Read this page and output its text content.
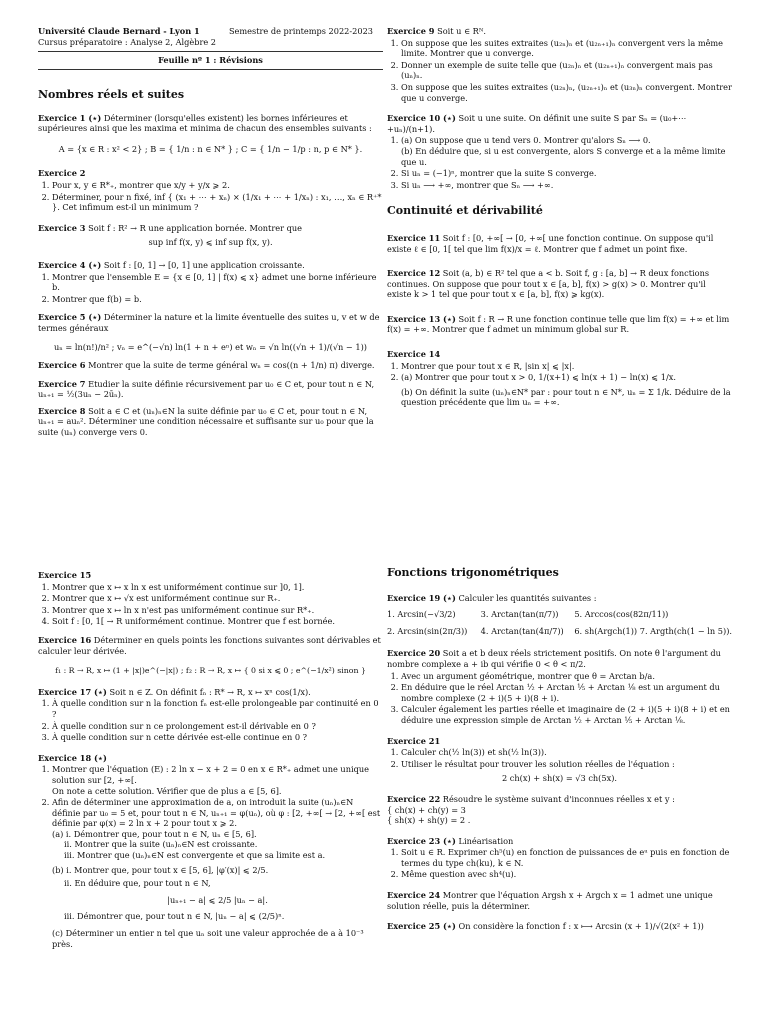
Université Claude Bernard - Lyon 1	Semestre de printemps 2022-2023
Cursus préparatoire : Analyse 2, Algèbre 2
Feuille nº 1 : Révisions
Nombres réels et suites
Exercice 1 (⋆) Déterminer (lorsqu'elles existent) les bornes inférieures et supérieures ainsi que les maxima et minima de chacun des ensembles suivants :
A = {x ∈ R : x² < 2} ; B = { 1/n : n ∈ N* } ; C = { 1/n − 1/p : n, p ∈ N* }.
Exercice 2
1. Pour x, y ∈ R*₊, montrer que x/y + y/x ⩾ 2.
2. Déterminer, pour n fixé, inf { (x₁ + ⋯ + xₙ) × (1/x₁ + ⋯ + 1/xₙ) : x₁, …, xₙ ∈ R⁺* }. Cet infimum est-il un minimum ?
Exercice 3 Soit f : R² → R une application bornée. Montrer que
sup inf f(x, y) ⩽ inf sup f(x, y).
Exercice 4 (⋆) Soit f : [0, 1] → [0, 1] une application croissante.
1. Montrer que l'ensemble E = {x ∈ [0, 1] | f(x) ⩽ x} admet une borne inférieure b.
2. Montrer que f(b) = b.
Exercice 5 (⋆) Déterminer la nature et la limite éventuelle des suites u, v et w de termes généraux
uₙ = ln(n!)/n² ; vₙ = e^(−√n) ln(1 + n + eⁿ) et wₙ = √n ln((√n + 1)/(√n − 1))
Exercice 6 Montrer que la suite de terme général wₙ = cos((n + 1/n) π) diverge.
Exercice 7 Etudier la suite définie récursivement par u₀ ∈ C et, pour tout n ∈ N, uₙ₊₁ = ½(3uₙ − 2ūₙ).
Exercice 8 Soit a ∈ C et (uₙ)ₙ∈N la suite définie par u₀ ∈ C et, pour tout n ∈ N, uₙ₊₁ = auₙ². Déterminer une condition nécessaire et suffisante sur u₀ pour que la suite (uₙ) converge vers 0.
Exercice 9 Soit u ∈ Rᴺ.
1. On suppose que les suites extraites (u₂ₙ)ₙ et (u₂ₙ₊₁)ₙ convergent vers la même limite. Montrer que u converge.
2. Donner un exemple de suite telle que (u₂ₙ)ₙ et (u₂ₙ₊₁)ₙ convergent mais pas (uₙ)ₙ.
3. On suppose que les suites extraites (u₂ₙ)ₙ, (u₂ₙ₊₁)ₙ et (u₃ₙ)ₙ convergent. Montrer que u converge.
Exercice 10 (⋆) Soit u une suite. On définit une suite S par Sₙ = (u₀+⋯+uₙ)/(n+1).
1. (a) On suppose que u tend vers 0. Montrer qu'alors Sₙ ⟶ 0.
(b) En déduire que, si u est convergente, alors S converge et a la même limite que u.
2. Si uₙ = (−1)ⁿ, montrer que la suite S converge.
3. Si uₙ ⟶ +∞, montrer que Sₙ ⟶ +∞.
Continuité et dérivabilité
Exercice 11 Soit f : [0, +∞[ → [0, +∞[ une fonction continue. On suppose qu'il existe ℓ ∈ [0, 1[ tel que lim f(x)/x = ℓ. Montrer que f admet un point fixe.
Exercice 12 Soit (a, b) ∈ R² tel que a < b. Soit f, g : [a, b] → R deux fonctions continues. On suppose que pour tout x ∈ [a, b], f(x) > g(x) > 0. Montrer qu'il existe k > 1 tel que pour tout x ∈ [a, b], f(x) ⩾ kg(x).
Exercice 13 (⋆) Soit f : R → R une fonction continue telle que lim f(x) = +∞ et lim f(x) = +∞. Montrer que f admet un minimum global sur R.
Exercice 14
1. Montrer que pour tout x ∈ R, |sin x| ⩽ |x|.
2. (a) Montrer que pour tout x > 0, 1/(x+1) ⩽ ln(x + 1) − ln(x) ⩽ 1/x.
(b) On définit la suite (uₙ)ₙ∈N* par : pour tout n ∈ N*, uₙ = Σ 1/k. Déduire de la question précédente que lim uₙ = +∞.
Exercice 15
1. Montrer que x ↦ x ln x est uniformément continue sur ]0, 1].
2. Montrer que x ↦ √x est uniformément continue sur R₊.
3. Montrer que x ↦ ln x n'est pas uniformément continue sur R*₊.
4. Soit f : [0, 1[ → R uniformément continue. Montrer que f est bornée.
Exercice 16 Déterminer en quels points les fonctions suivantes sont dérivables et calculer leur dérivée.
f₁ : R → R, x ↦ (1 + |x|)e^(−|x|) ; f₂ : R → R, x ↦ { 0 si x ⩽ 0 ; e^(−1/x²) sinon }
Exercice 17 (⋆) Soit n ∈ Z. On définit fₙ : R* → R, x ↦ xⁿ cos(1/x).
1. À quelle condition sur n la fonction fₙ est-elle prolongeable par continuité en 0 ?
2. À quelle condition sur n ce prolongement est-il dérivable en 0 ?
3. À quelle condition sur n cette dérivée est-elle continue en 0 ?
Exercice 18 (⋆)
1. Montrer que l'équation (E) : 2 ln x − x + 2 = 0 en x ∈ R*₊ admet une unique solution sur [2, +∞[.
On note a cette solution. Vérifier que de plus a ∈ [5, 6].
2. Afin de déterminer une approximation de a, on introduit la suite (uₙ)ₙ∈N définie par u₀ = 5 et, pour tout n ∈ N, uₙ₊₁ = φ(uₙ), où φ : [2, +∞[ → [2, +∞[ est définie par φ(x) = 2 ln x + 2 pour tout x ⩾ 2.
(a) i. Démontrer que, pour tout n ∈ N, uₙ ∈ [5, 6].
ii. Montrer que la suite (uₙ)ₙ∈N est croissante.
iii. Montrer que (uₙ)ₙ∈N est convergente et que sa limite est a.
(b) i. Montrer que, pour tout x ∈ [5, 6], |φ′(x)| ⩽ 2/5.
ii. En déduire que, pour tout n ∈ N,
|uₙ₊₁ − a| ⩽ 2/5 |uₙ − a|.
iii. Démontrer que, pour tout n ∈ N, |uₙ − a| ⩽ (2/5)ⁿ.
(c) Déterminer un entier n tel que uₙ soit une valeur approchée de a à 10⁻³ près.
Fonctions trigonométriques
Exercice 19 (⋆) Calculer les quantités suivantes :
1. Arcsin(−√3/2)	3. Arctan(tan(π/7))	5. Arccos(cos(82π/11))
2. Arcsin(sin(2π/3))	4. Arctan(tan(4π/7))	6. sh(Argch(1)) 7. Argth(ch(1 − ln 5)).
Exercice 20 Soit a et b deux réels strictement positifs. On note θ l'argument du nombre complexe a + ib qui vérifie 0 < θ < π/2.
1. Avec un argument géométrique, montrer que θ = Arctan b/a.
2. En déduire que le réel Arctan ½ + Arctan ⅕ + Arctan ⅛ est un argument du nombre complexe (2 + i)(5 + i)(8 + i).
3. Calculer également les parties réelle et imaginaire de (2 + i)(5 + i)(8 + i) et en déduire une expression simple de Arctan ½ + Arctan ⅕ + Arctan ⅛.
Exercice 21
1. Calculer ch(½ ln(3)) et sh(½ ln(3)).
2. Utiliser le résultat pour trouver les solution réelles de l'équation :
2 ch(x) + sh(x) = √3 ch(5x).
Exercice 22 Résoudre le système suivant d'inconnues réelles x et y :
{ ch(x) + ch(y) = 3
{ sh(x) + sh(y) = 2 .
Exercice 23 (⋆) Linéarisation
1. Soit u ∈ R. Exprimer ch⁵(u) en fonction de puissances de eᵘ puis en fonction de termes du type ch(ku), k ∈ N.
2. Même question avec sh⁴(u).
Exercice 24 Montrer que l'équation Argsh x + Argch x = 1 admet une unique solution réelle, puis la déterminer.
Exercice 25 (⋆) On considère la fonction f : x ⟼ Arcsin (x + 1)/√(2(x² + 1))
